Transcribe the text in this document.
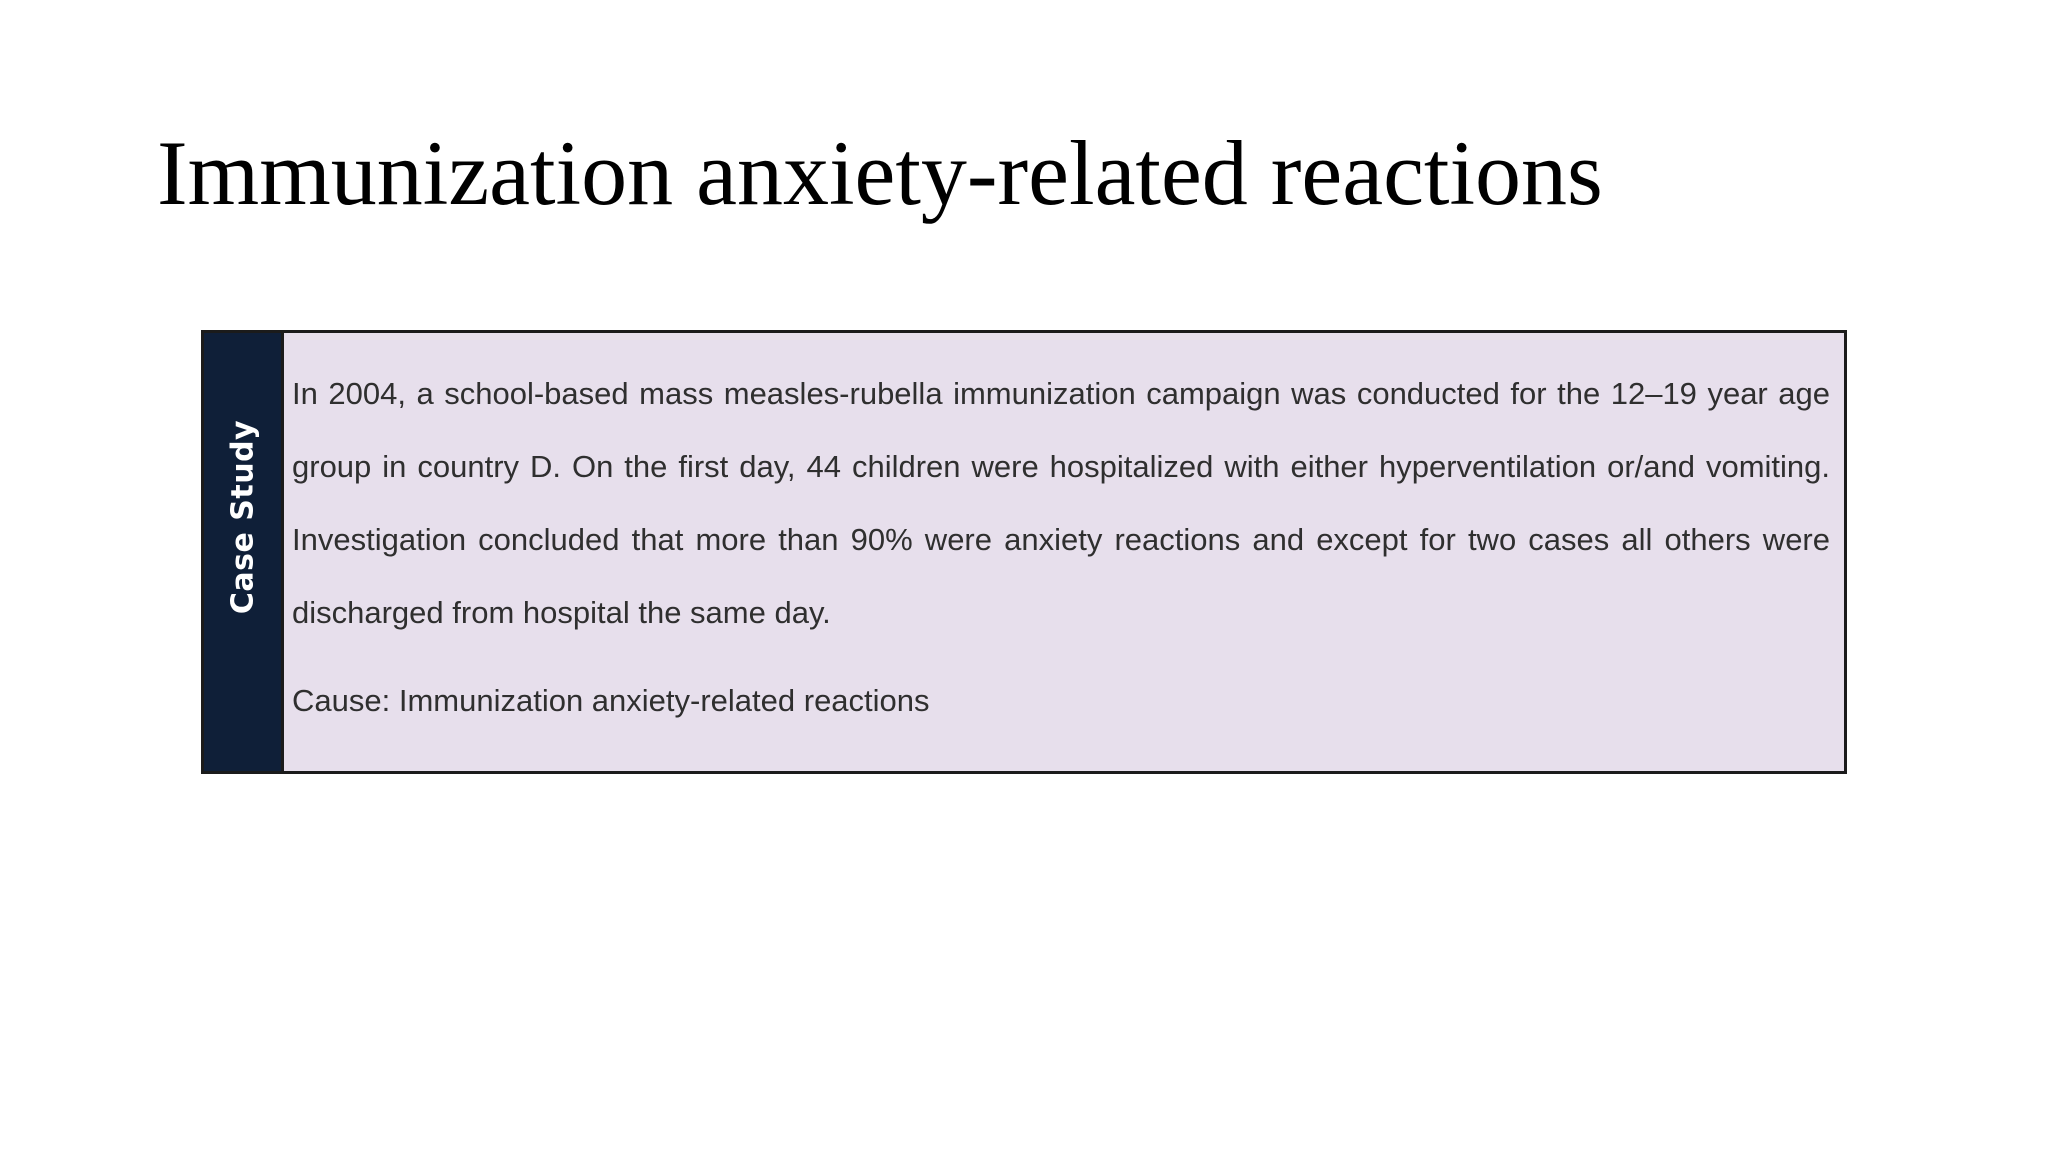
Immunization anxiety-related reactions
Case Study

In 2004, a school-based mass measles-rubella immunization campaign was conducted for the 12–19 year age group in country D. On the first day, 44 children were hospitalized with either hyperventilation or/and vomiting. Investigation concluded that more than 90% were anxiety reactions and except for two cases all others were discharged from hospital the same day.

Cause: Immunization anxiety-related reactions
